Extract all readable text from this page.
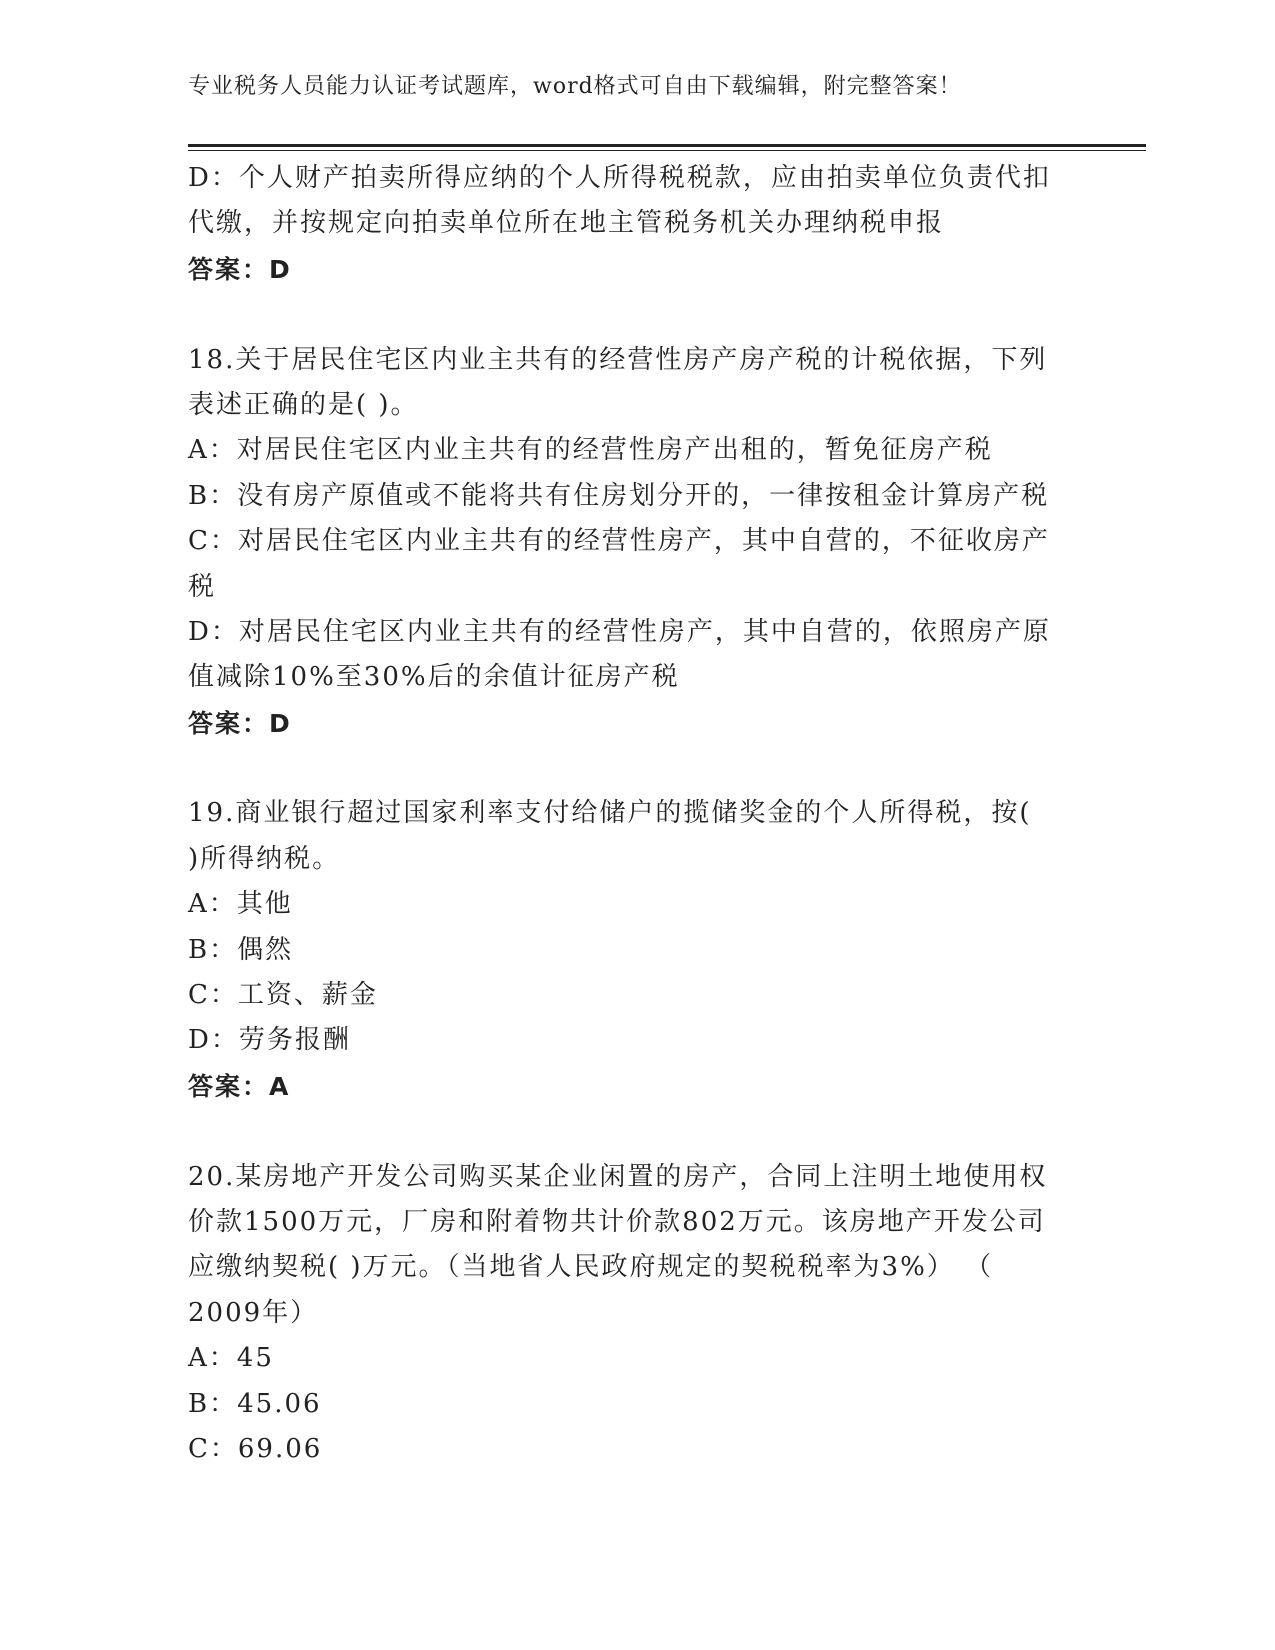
专业税务人员能力认证考试题库，word格式可自由下载编辑，附完整答案！
D：个人财产拍卖所得应纳的个人所得税税款，应由拍卖单位负责代扣
代缴，并按规定向拍卖单位所在地主管税务机关办理纳税申报
答案：D
18.关于居民住宅区内业主共有的经营性房产房产税的计税依据，下列
表述正确的是( )。
A：对居民住宅区内业主共有的经营性房产出租的，暂免征房产税
B：没有房产原值或不能将共有住房划分开的，一律按租金计算房产税
C：对居民住宅区内业主共有的经营性房产，其中自营的，不征收房产
税
D：对居民住宅区内业主共有的经营性房产，其中自营的，依照房产原
值减除10%至30%后的余值计征房产税
答案：D
19.商业银行超过国家利率支付给储户的揽储奖金的个人所得税，按(
)所得纳税。
A：其他
B：偶然
C：工资、薪金
D：劳务报酬
答案：A
20.某房地产开发公司购买某企业闲置的房产，合同上注明土地使用权
价款1500万元，厂房和附着物共计价款802万元。该房地产开发公司
应缴纳契税( )万元。（当地省人民政府规定的契税税率为3%） （
2009年）
A：45
B：45.06
C：69.06
